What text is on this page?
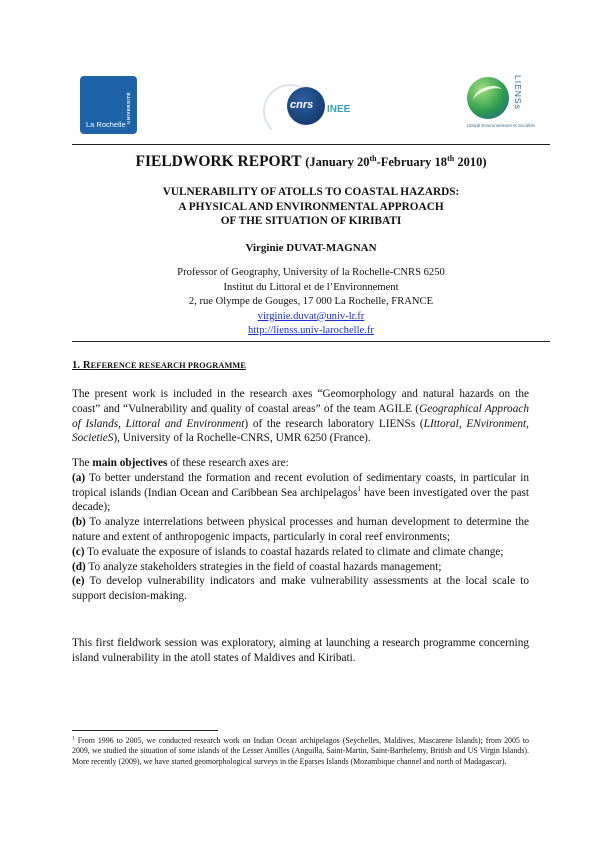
UNIVERSITÉ
La Rochelle
cnrs INEE	LIENSs
Littoral Environnement et Sociétés
FIELDWORK REPORT (January 20th-February 18th 2010)
VULNERABILITY OF ATOLLS TO COASTAL HAZARDS:
A PHYSICAL AND ENVIRONMENTAL APPROACH
OF THE SITUATION OF KIRIBATI
Virginie DUVAT-MAGNAN
Professor of Geography, University of la Rochelle-CNRS 6250
Institut du Littoral et de l’Environnement
2, rue Olympe de Gouges, 17 000 La Rochelle, FRANCE
virginie.duvat@univ-lr.fr
http://lienss.univ-larochelle.fr
1. REFERENCE RESEARCH PROGRAMME
The present work is included in the research axes “Geomorphology and natural hazards on the coast” and “Vulnerability and quality of coastal areas” of the team AGILE (Geographical Approach of Islands, Littoral and Environment) of the research laboratory LIENSs (LIttoral, ENvironment, SocietieS), University of la Rochelle-CNRS, UMR 6250 (France).
The main objectives of these research axes are:
(a) To better understand the formation and recent evolution of sedimentary coasts, in particular in tropical islands (Indian Ocean and Caribbean Sea archipelagos$^1$ have been investigated over the past decade);
(b) To analyze interrelations between physical processes and human development to determine the nature and extent of anthropogenic impacts, particularly in coral reef environments;
(c) To evaluate the exposure of islands to coastal hazards related to climate and climate change;
(d) To analyze stakeholders strategies in the field of coastal hazards management;
(e) To develop vulnerability indicators and make vulnerability assessments at the local scale to support decision-making.
This first fieldwork session was exploratory, aiming at launching a research programme concerning island vulnerability in the atoll states of Maldives and Kiribati.
$^1$ From 1996 to 2005, we conducted research work on Indian Ocean archipelagos (Seychelles, Maldives, Mascarene Islands); from 2005 to 2009, we studied the situation of some islands of the Lesser Antilles (Anguilla, Saint-Martin, Saint-Barthelemy, British and US Virgin Islands). More recently (2009), we have started geomorphological surveys in the Eparses Islands (Mozambique channel and north of Madagascar).
